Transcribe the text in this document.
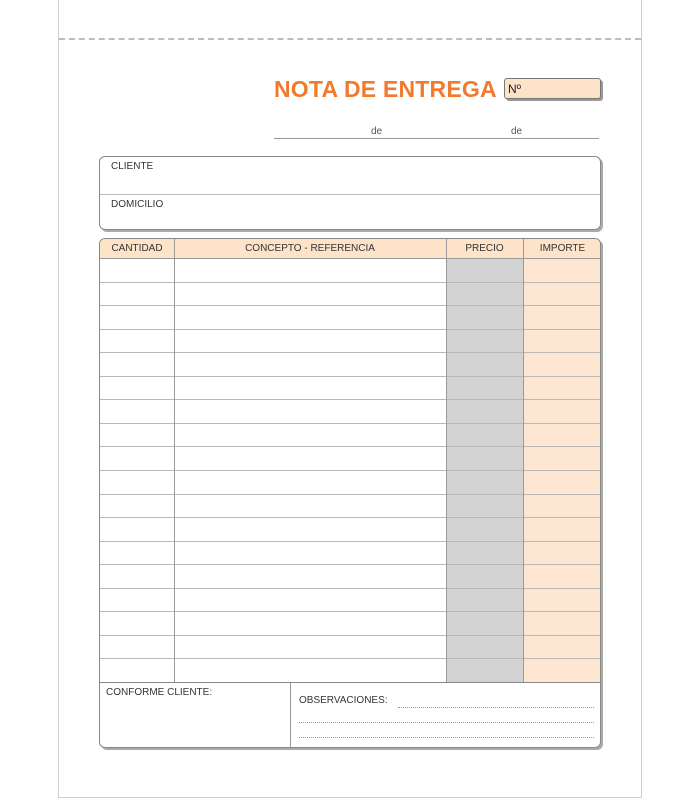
NOTA DE ENTREGA Nº
de	de
CLIENTE
DOMICILIO
CANTIDAD	CONCEPTO - REFERENCIA	PRECIO	IMPORTE
CONFORME CLIENTE:
OBSERVACIONES:
